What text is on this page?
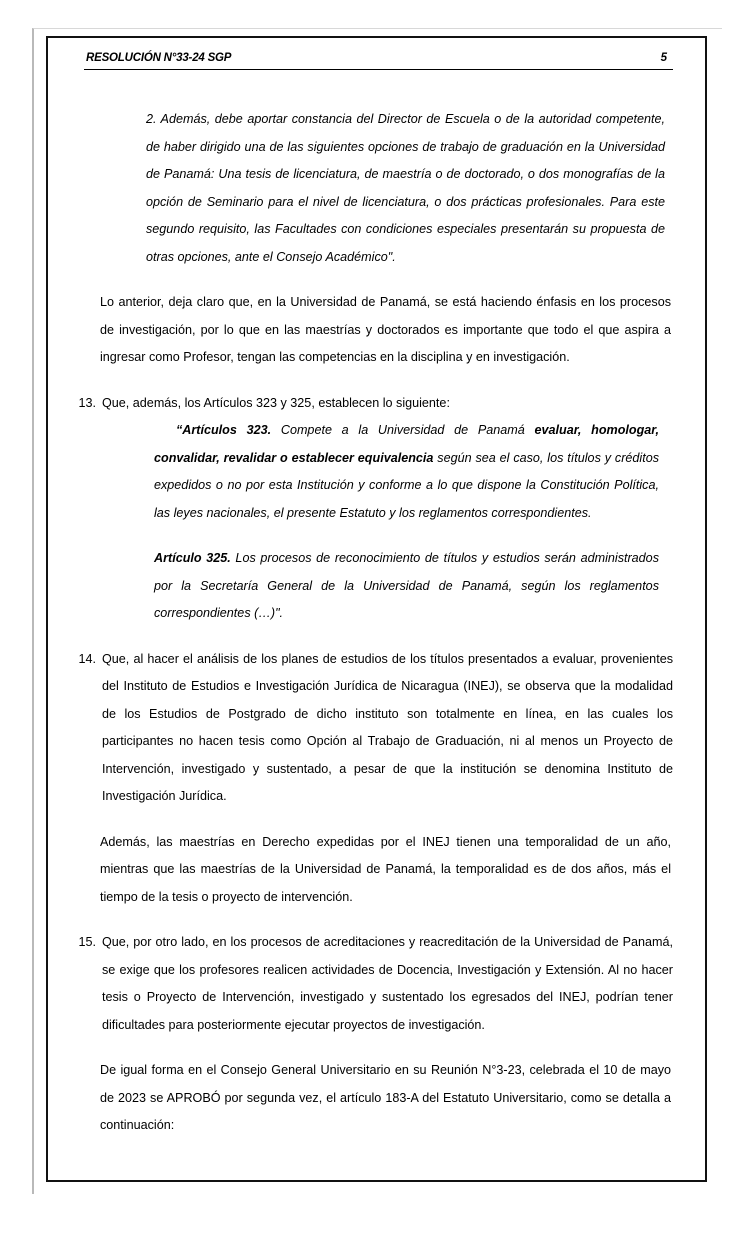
RESOLUCIÓN N°33-24 SGP	5
2. Además, debe aportar constancia del Director de Escuela o de la autoridad competente, de haber dirigido una de las siguientes opciones de trabajo de graduación en la Universidad de Panamá: Una tesis de licenciatura, de maestría o de doctorado, o dos monografías de la opción de Seminario para el nivel de licenciatura, o dos prácticas profesionales. Para este segundo requisito, las Facultades con condiciones especiales presentarán su propuesta de otras opciones, ante el Consejo Académico".

Lo anterior, deja claro que, en la Universidad de Panamá, se está haciendo énfasis en los procesos de investigación, por lo que en las maestrías y doctorados es importante que todo el que aspira a ingresar como Profesor, tengan las competencias en la disciplina y en investigación.

13. Que, además, los Artículos 323 y 325, establecen lo siguiente:
“Artículos 323. Compete a la Universidad de Panamá evaluar, homologar, convalidar, revalidar o establecer equivalencia según sea el caso, los títulos y créditos expedidos o no por esta Institución y conforme a lo que dispone la Constitución Política, las leyes nacionales, el presente Estatuto y los reglamentos correspondientes.
Artículo 325. Los procesos de reconocimiento de títulos y estudios serán administrados por la Secretaría General de la Universidad de Panamá, según los reglamentos correspondientes (…)".
14. Que, al hacer el análisis de los planes de estudios de los títulos presentados a evaluar, provenientes del Instituto de Estudios e Investigación Jurídica de Nicaragua (INEJ), se observa que la modalidad de los Estudios de Postgrado de dicho instituto son totalmente en línea, en las cuales los participantes no hacen tesis como Opción al Trabajo de Graduación, ni al menos un Proyecto de Intervención, investigado y sustentado, a pesar de que la institución se denomina Instituto de Investigación Jurídica.

Además, las maestrías en Derecho expedidas por el INEJ tienen una temporalidad de un año, mientras que las maestrías de la Universidad de Panamá, la temporalidad es de dos años, más el tiempo de la tesis o proyecto de intervención.

15. Que, por otro lado, en los procesos de acreditaciones y reacreditación de la Universidad de Panamá, se exige que los profesores realicen actividades de Docencia, Investigación y Extensión. Al no hacer tesis o Proyecto de Intervención, investigado y sustentado los egresados del INEJ, podrían tener dificultades para posteriormente ejecutar proyectos de investigación.

De igual forma en el Consejo General Universitario en su Reunión N°3-23, celebrada el 10 de mayo de 2023 se APROBÓ por segunda vez, el artículo 183-A del Estatuto Universitario, como se detalla a continuación:
